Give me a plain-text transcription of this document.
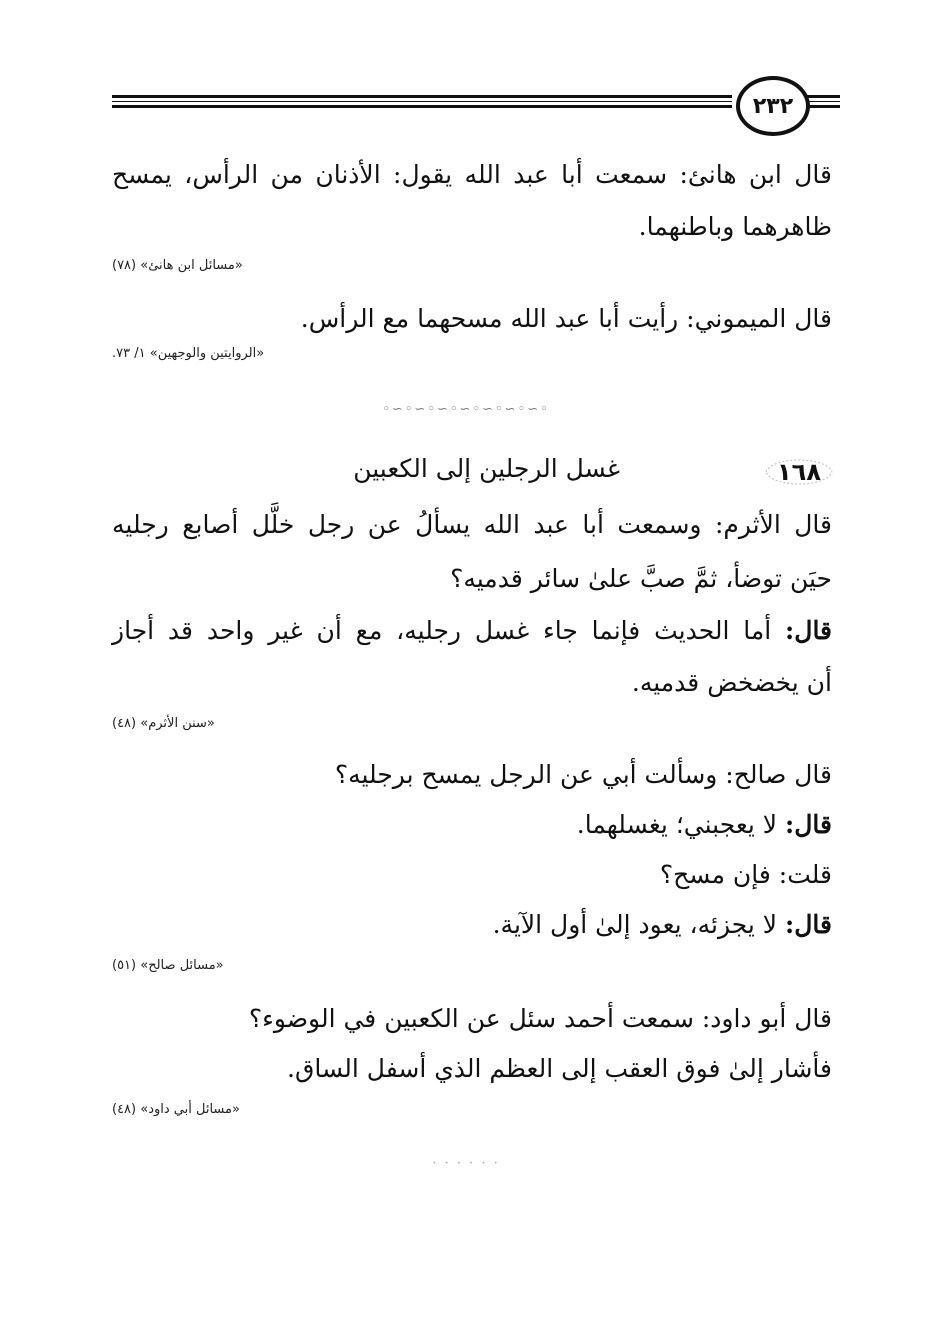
٢٣٢
قال ابن هانئ: سمعت أبا عبد الله يقول: الأذنان من الرأس، يمسح
ظاهرهما وباطنهما.
«مسائل ابن هانئ» (٧٨)
قال الميموني: رأيت أبا عبد الله مسحهما مع الرأس.
«الروايتين والوجهين» ١/ ٧٣.
◦∽◦∽◦∽◦∽◦∽◦∽◦∽◦
١٦٨
غسل الرجلين إلى الكعبين
قال الأثرم: وسمعت أبا عبد الله يسألُ عن رجل خلَّل أصابع رجليه
حيَن توضأ، ثمَّ صبَّ علىٰ سائر قدميه؟
قال: أما الحديث فإنما جاء غسل رجليه، مع أن غير واحد قد أجاز
أن يخضخض قدميه.
«سنن الأثرم» (٤٨)
قال صالح: وسألت أبي عن الرجل يمسح برجليه؟
قال: لا يعجبني؛ يغسلهما.
قلت: فإن مسح؟
قال: لا يجزئه، يعود إلىٰ أول الآية.
«مسائل صالح» (٥١)
قال أبو داود: سمعت أحمد سئل عن الكعبين في الوضوء؟
فأشار إلىٰ فوق العقب إلى العظم الذي أسفل الساق.
«مسائل أبي داود» (٤٨)
· · · · · ·
